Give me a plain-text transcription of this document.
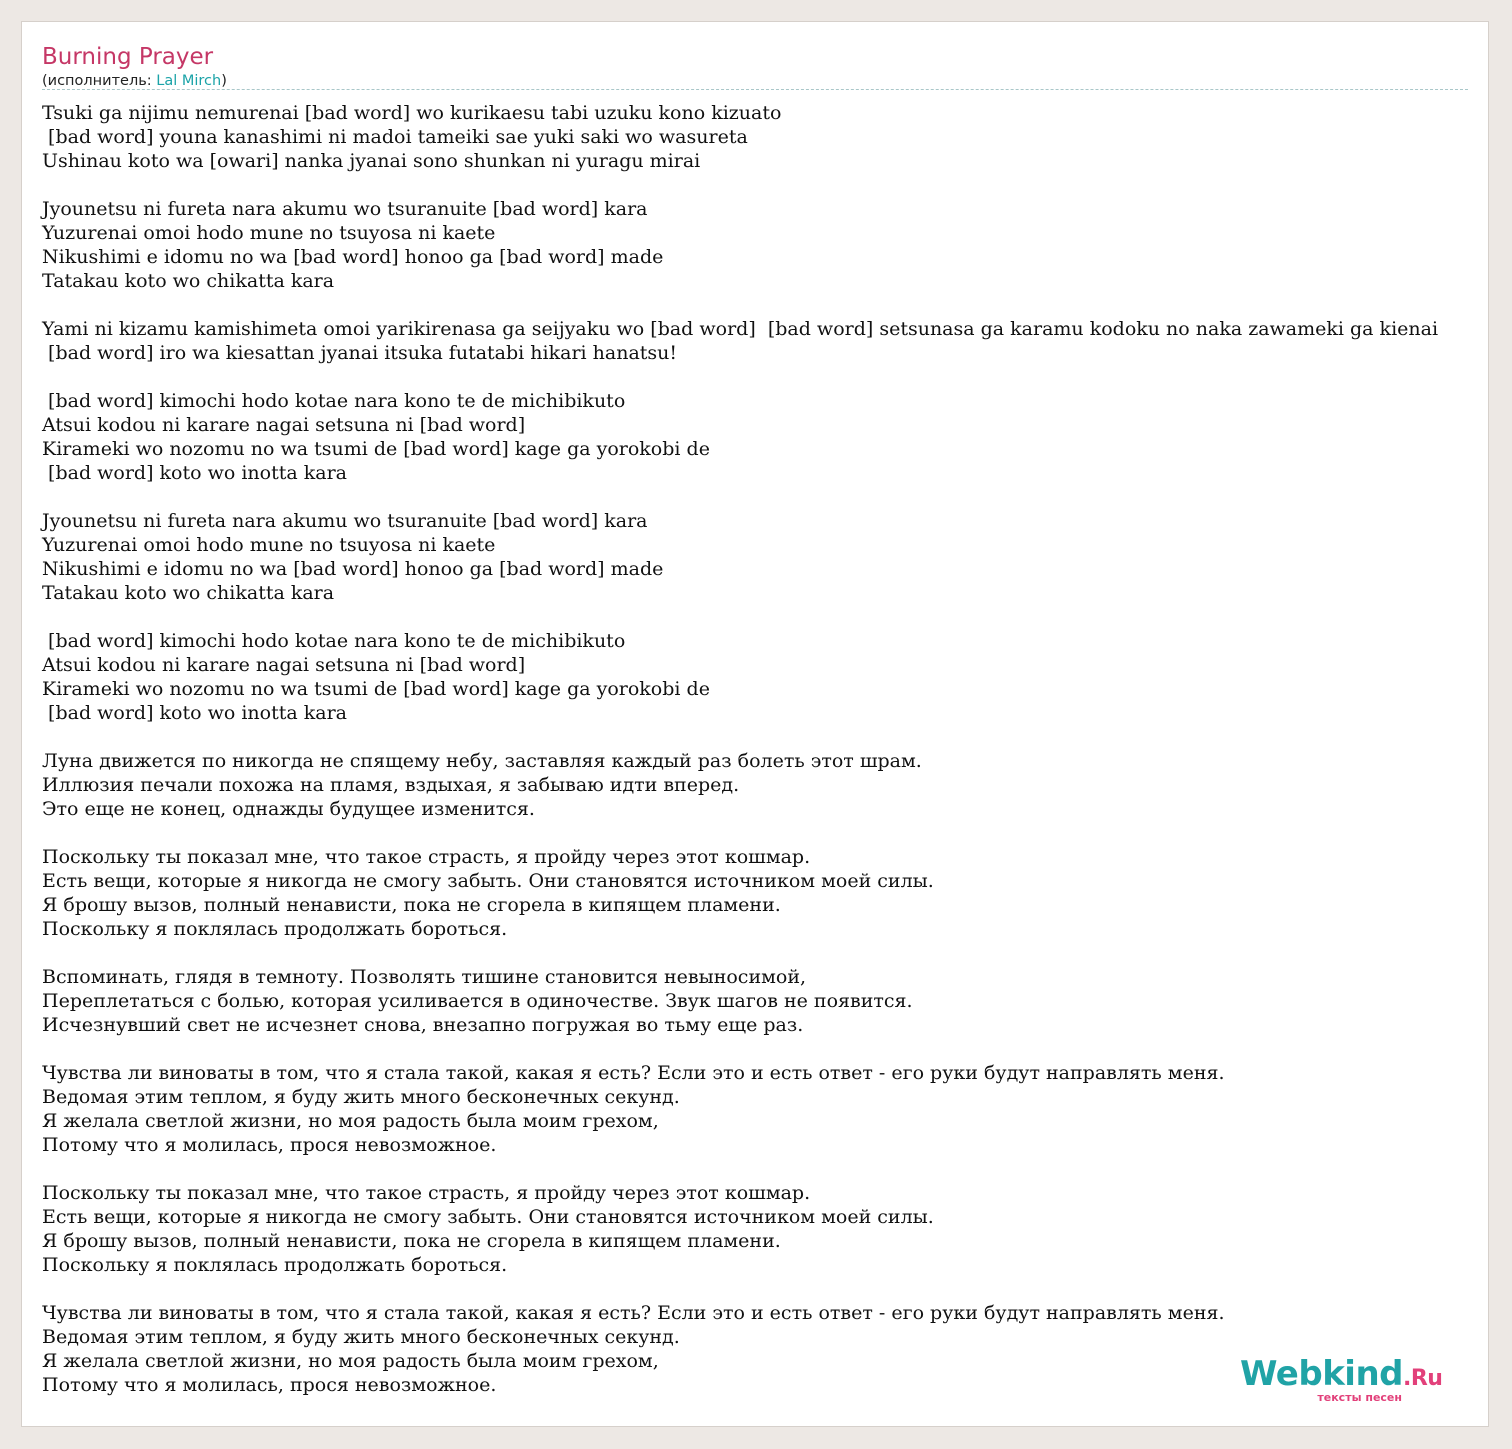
Burning Prayer
(исполнитель: Lal Mirch)
Tsuki ga nijimu nemurenai [bad word] wo kurikaesu tabi uzuku kono kizuato
[bad word] youna kanashimi ni madoi tameiki sae yuki saki wo wasureta
Ushinau koto wa [owari] nanka jyanai sono shunkan ni yuragu mirai

Jyounetsu ni fureta nara akumu wo tsuranuite [bad word] kara
Yuzurenai omoi hodo mune no tsuyosa ni kaete
Nikushimi e idomu no wa [bad word] honoo ga [bad word] made
Tatakau koto wo chikatta kara

Yami ni kizamu kamishimeta omoi yarikirenasa ga seijyaku wo [bad word]  [bad word] setsunasa ga karamu kodoku no naka zawameki ga kienai
[bad word] iro wa kiesattan jyanai itsuka futatabi hikari hanatsu!

[bad word] kimochi hodo kotae nara kono te de michibikuto
Atsui kodou ni karare nagai setsuna ni [bad word]
Kirameki wo nozomu no wa tsumi de [bad word] kage ga yorokobi de
[bad word] koto wo inotta kara

Jyounetsu ni fureta nara akumu wo tsuranuite [bad word] kara
Yuzurenai omoi hodo mune no tsuyosa ni kaete
Nikushimi e idomu no wa [bad word] honoo ga [bad word] made
Tatakau koto wo chikatta kara

[bad word] kimochi hodo kotae nara kono te de michibikuto
Atsui kodou ni karare nagai setsuna ni [bad word]
Kirameki wo nozomu no wa tsumi de [bad word] kage ga yorokobi de
[bad word] koto wo inotta kara

Луна движется по никогда не спящему небу, заставляя каждый раз болеть этот шрам.
Иллюзия печали похожа на пламя, вздыхая, я забываю идти вперед.
Это еще не конец, однажды будущее изменится.

Поскольку ты показал мне, что такое страсть, я пройду через этот кошмар.
Есть вещи, которые я никогда не смогу забыть. Они становятся источником моей силы.
Я брошу вызов, полный ненависти, пока не сгорела в кипящем пламени.
Поскольку я поклялась продолжать бороться.

Вспоминать, глядя в темноту. Позволять тишине становится невыносимой,
Переплетаться с болью, которая усиливается в одиночестве. Звук шагов не появится.
Исчезнувший свет не исчезнет снова, внезапно погружая во тьму еще раз.

Чувства ли виноваты в том, что я стала такой, какая я есть? Если это и есть ответ - его руки будут направлять меня.
Ведомая этим теплом, я буду жить много бесконечных секунд.
Я желала светлой жизни, но моя радость была моим грехом,
Потому что я молилась, прося невозможное.

Поскольку ты показал мне, что такое страсть, я пройду через этот кошмар.
Есть вещи, которые я никогда не смогу забыть. Они становятся источником моей силы.
Я брошу вызов, полный ненависти, пока не сгорела в кипящем пламени.
Поскольку я поклялась продолжать бороться.

Чувства ли виноваты в том, что я стала такой, какая я есть? Если это и есть ответ - его руки будут направлять меня.
Ведомая этим теплом, я буду жить много бесконечных секунд.
Я желала светлой жизни, но моя радость была моим грехом,
Потому что я молилась, прося невозможное.	Webkind.Ru
тексты песен
